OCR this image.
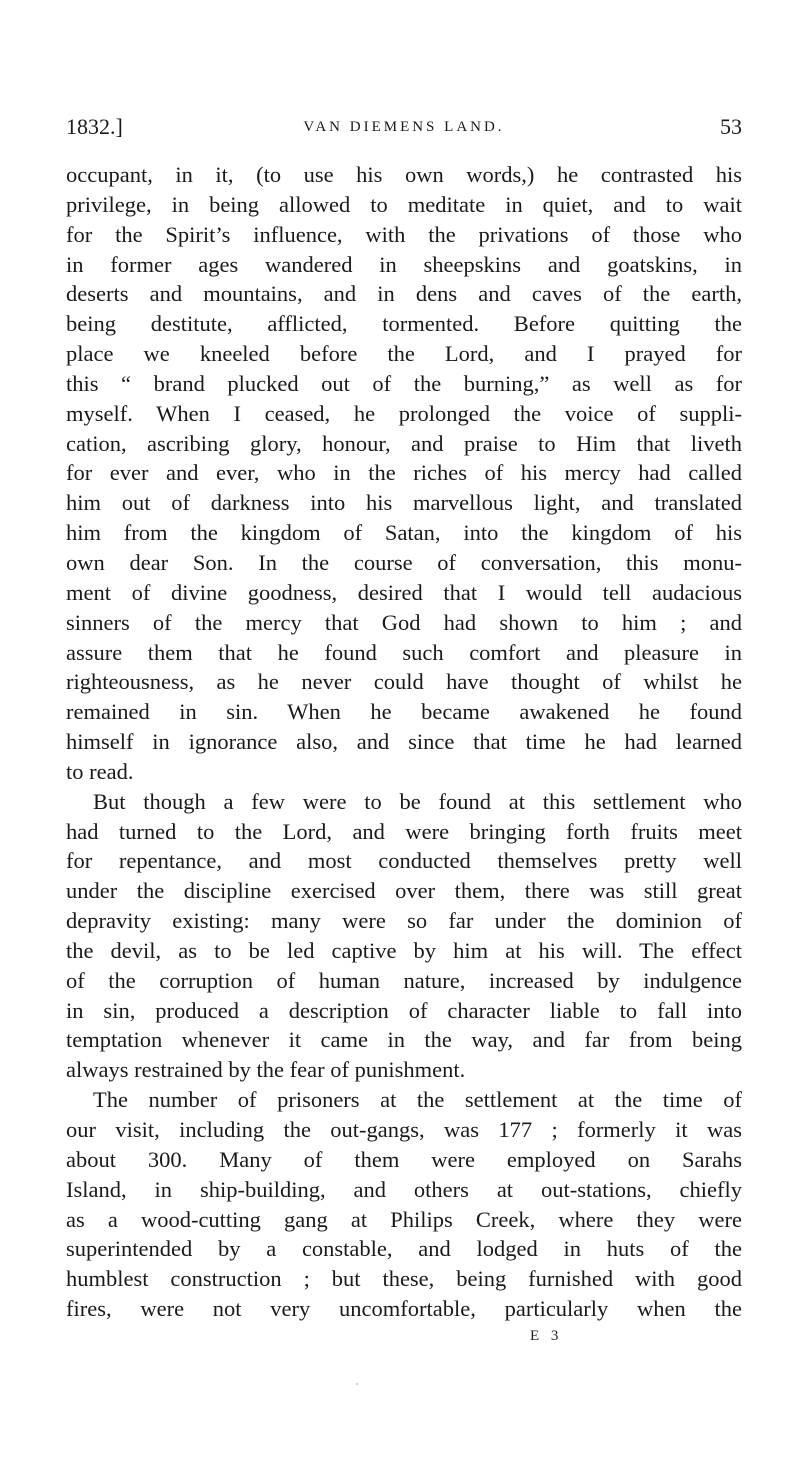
1832.]	VAN DIEMENS LAND.	53
occupant, in it, (to use his own words,) he contrasted his
privilege, in being allowed to meditate in quiet, and to wait
for the Spirit’s influence, with the privations of those who
in former ages wandered in sheepskins and goatskins, in
deserts and mountains, and in dens and caves of the earth,
being destitute, afflicted, tormented. Before quitting the
place we kneeled before the Lord, and I prayed for
this “ brand plucked out of the burning,” as well as for
myself. When I ceased, he prolonged the voice of suppli-
cation, ascribing glory, honour, and praise to Him that liveth
for ever and ever, who in the riches of his mercy had called
him out of darkness into his marvellous light, and translated
him from the kingdom of Satan, into the kingdom of his
own dear Son. In the course of conversation, this monu-
ment of divine goodness, desired that I would tell audacious
sinners of the mercy that God had shown to him ; and
assure them that he found such comfort and pleasure in
righteousness, as he never could have thought of whilst he
remained in sin. When he became awakened he found
himself in ignorance also, and since that time he had learned
to read.
But though a few were to be found at this settlement who
had turned to the Lord, and were bringing forth fruits meet
for repentance, and most conducted themselves pretty well
under the discipline exercised over them, there was still great
depravity existing: many were so far under the dominion of
the devil, as to be led captive by him at his will. The effect
of the corruption of human nature, increased by indulgence
in sin, produced a description of character liable to fall into
temptation whenever it came in the way, and far from being
always restrained by the fear of punishment.
The number of prisoners at the settlement at the time of
our visit, including the out-gangs, was 177 ; formerly it was
about 300. Many of them were employed on Sarahs
Island, in ship-building, and others at out-stations, chiefly
as a wood-cutting gang at Philips Creek, where they were
superintended by a constable, and lodged in huts of the
humblest construction ; but these, being furnished with good
fires, were not very uncomfortable, particularly when the
E 3
